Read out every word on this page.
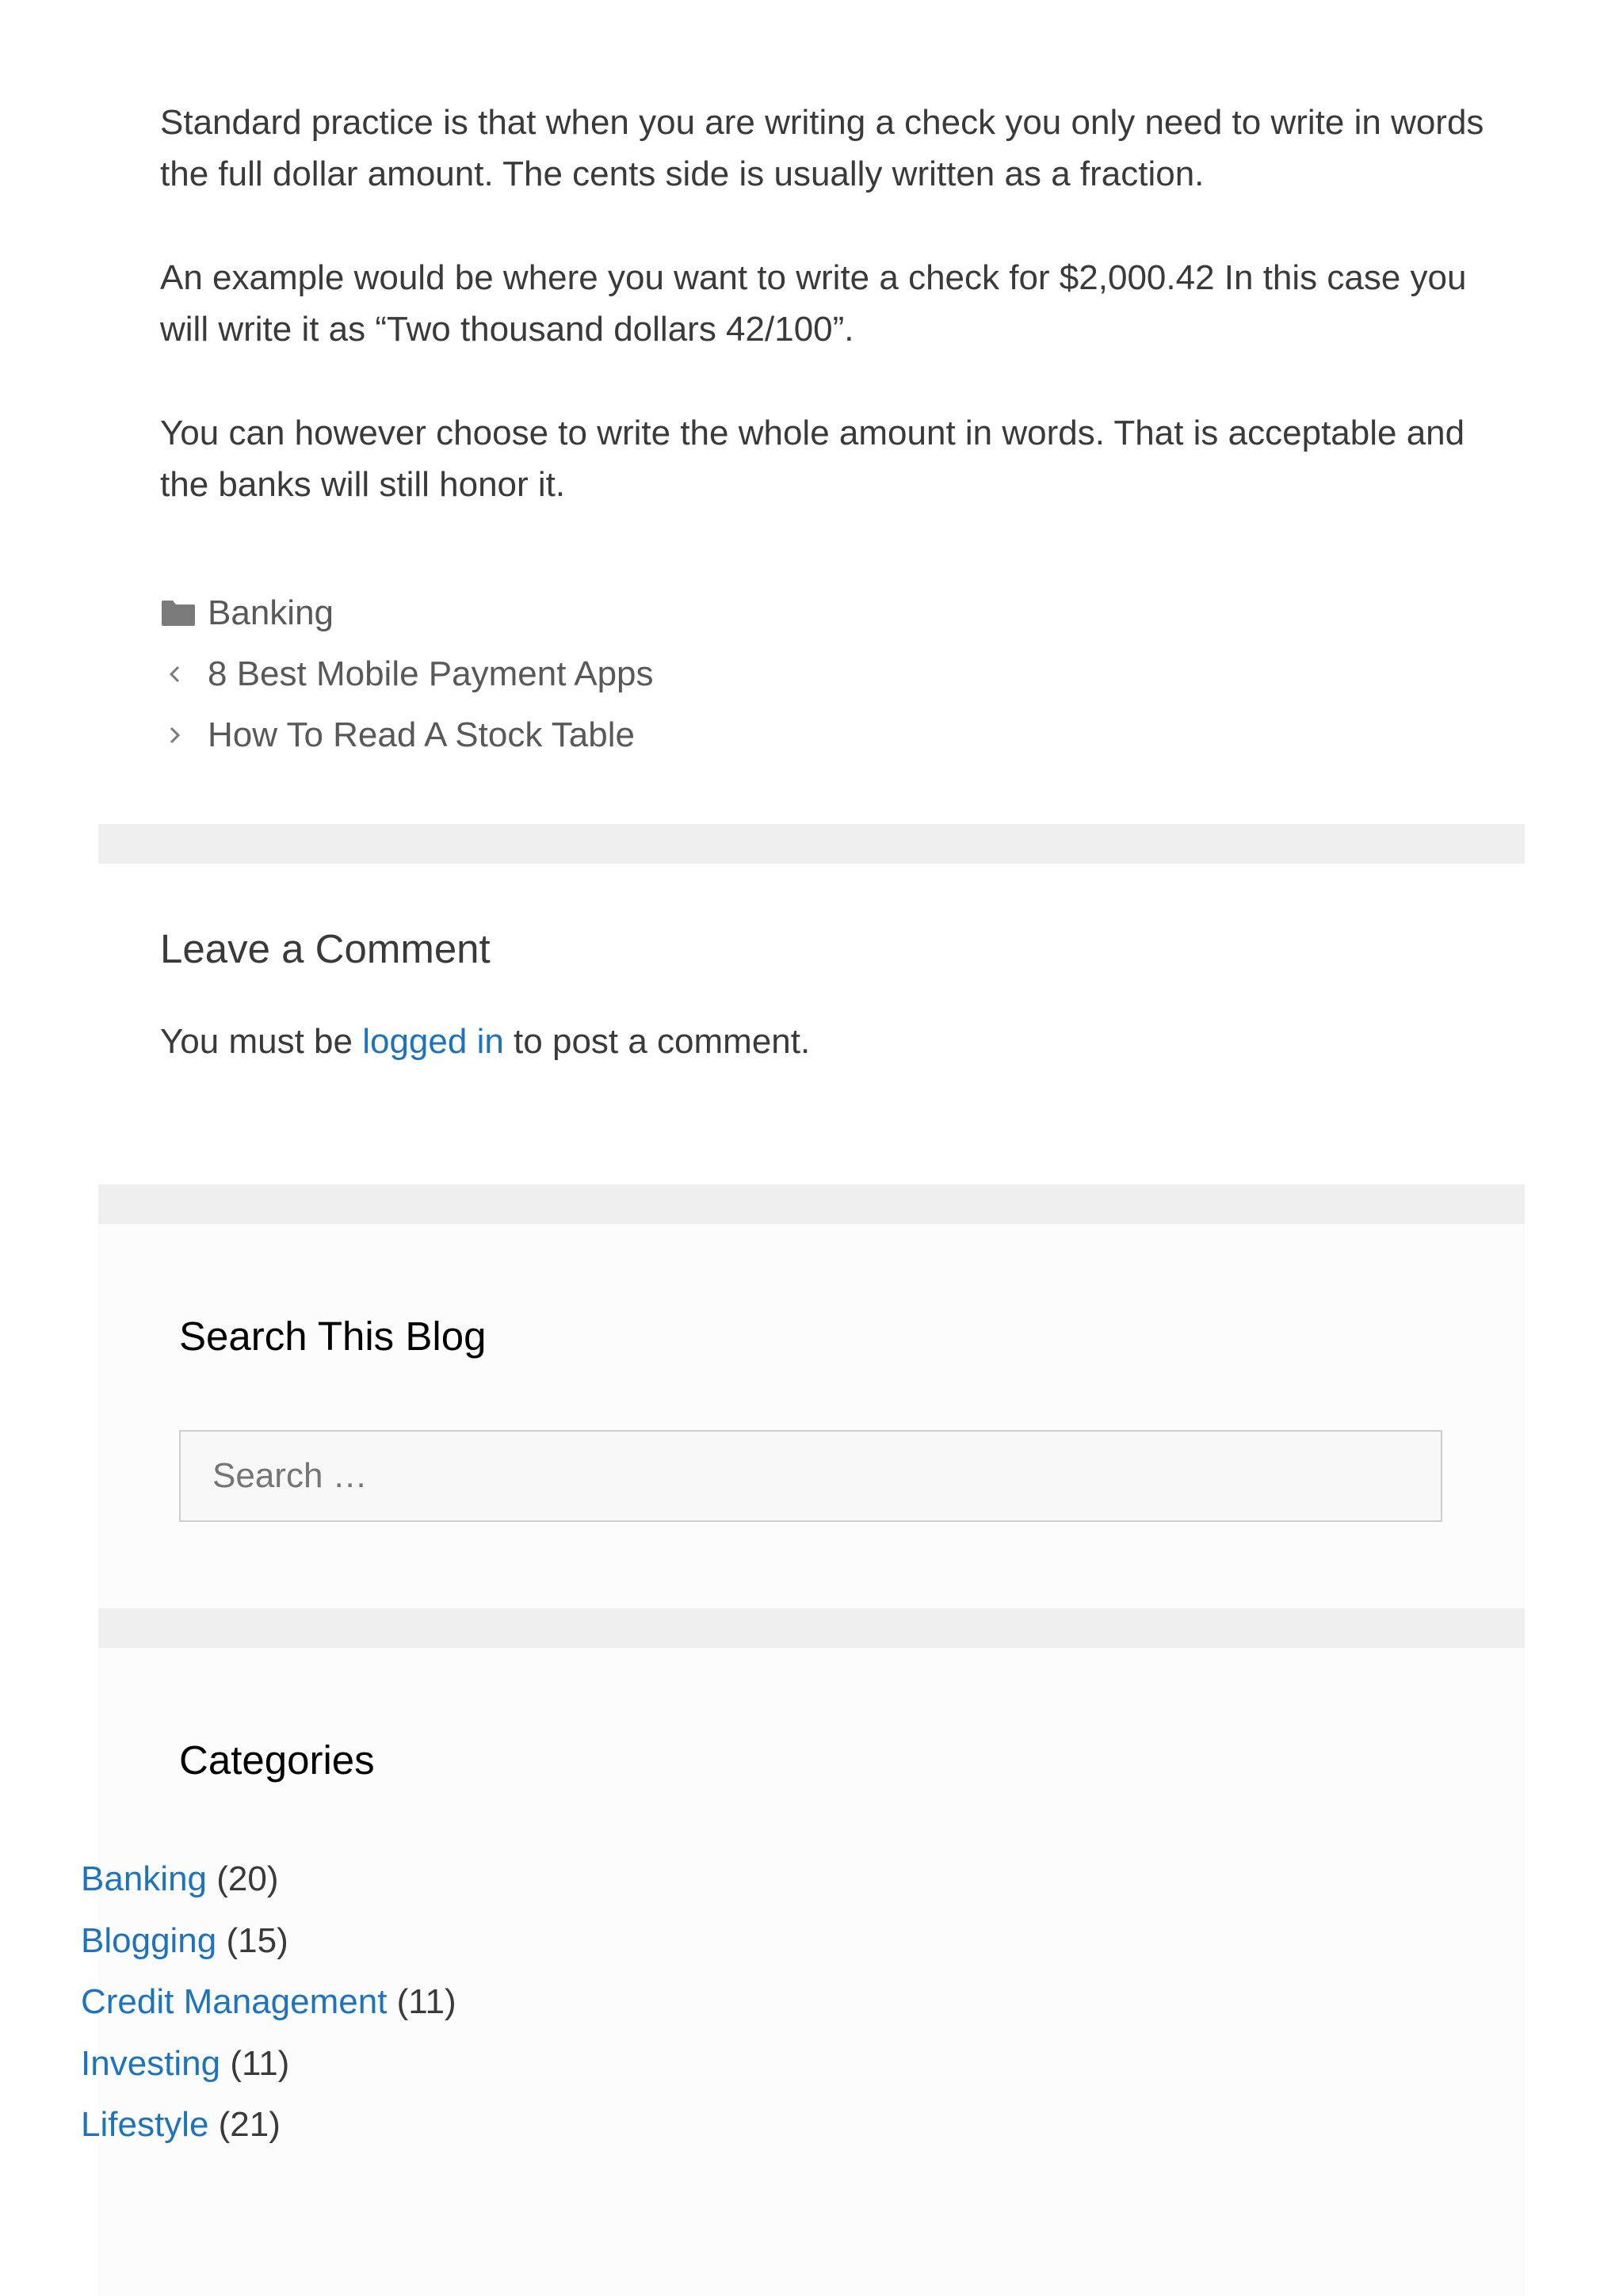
Standard practice is that when you are writing a check you only need to write in words the full dollar amount. The cents side is usually written as a fraction.

An example would be where you want to write a check for $2,000.42 In this case you will write it as “Two thousand dollars 42/100”.

You can however choose to write the whole amount in words. That is acceptable and the banks will still honor it.

Banking
8 Best Mobile Payment Apps
How To Read A Stock Table
Leave a Comment

You must be logged in to post a comment.

Search This Blog
Search …
Categories
Banking (20)
Blogging (15)
Credit Management (11)
Investing (11)
Lifestyle (21)
